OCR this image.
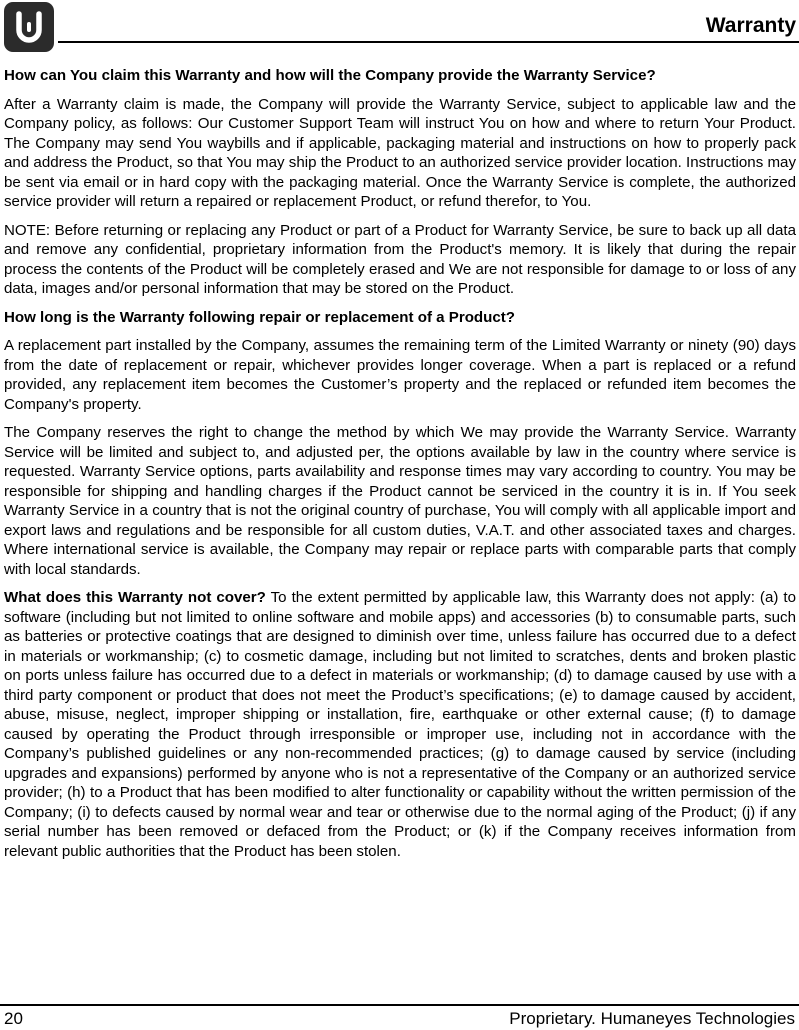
Warranty
How can You claim this Warranty and how will the Company provide the Warranty Service?

After a Warranty claim is made, the Company will provide the Warranty Service, subject to applicable law and the Company policy, as follows: Our Customer Support Team will instruct You on how and where to return Your Product. The Company may send You waybills and if applicable, packaging material and instructions on how to properly pack and address the Product, so that You may ship the Product to an authorized service provider location. Instructions may be sent via email or in hard copy with the packaging material. Once the Warranty Service is complete, the authorized service provider will return a repaired or replacement Product, or refund therefor, to You.

NOTE: Before returning or replacing any Product or part of a Product for Warranty Service, be sure to back up all data and remove any confidential, proprietary information from the Product's memory. It is likely that during the repair process the contents of the Product will be completely erased and We are not responsible for damage to or loss of any data, images and/or personal information that may be stored on the Product.

How long is the Warranty following repair or replacement of a Product?

A replacement part installed by the Company, assumes the remaining term of the Limited Warranty or ninety (90) days from the date of replacement or repair, whichever provides longer coverage. When a part is replaced or a refund provided, any replacement item becomes the Customer’s property and the replaced or refunded item becomes the Company's property.

The Company reserves the right to change the method by which We may provide the Warranty Service. Warranty Service will be limited and subject to, and adjusted per, the options available by law in the country where service is requested. Warranty Service options, parts availability and response times may vary according to country. You may be responsible for shipping and handling charges if the Product cannot be serviced in the country it is in. If You seek Warranty Service in a country that is not the original country of purchase, You will comply with all applicable import and export laws and regulations and be responsible for all custom duties, V.A.T. and other associated taxes and charges. Where international service is available, the Company may repair or replace parts with comparable parts that comply with local standards.

What does this Warranty not cover? To the extent permitted by applicable law, this Warranty does not apply: (a) to software (including but not limited to online software and mobile apps) and accessories (b) to consumable parts, such as batteries or protective coatings that are designed to diminish over time, unless failure has occurred due to a defect in materials or workmanship; (c) to cosmetic damage, including but not limited to scratches, dents and broken plastic on ports unless failure has occurred due to a defect in materials or workmanship; (d) to damage caused by use with a third party component or product that does not meet the Product’s specifications; (e) to damage caused by accident, abuse, misuse, neglect, improper shipping or installation, fire, earthquake or other external cause; (f) to damage caused by operating the Product through irresponsible or improper use, including not in accordance with the Company’s published guidelines or any non-recommended practices; (g) to damage caused by service (including upgrades and expansions) performed by anyone who is not a representative of the Company or an authorized service provider; (h) to a Product that has been modified to alter functionality or capability without the written permission of the Company; (i) to defects caused by normal wear and tear or otherwise due to the normal aging of the Product; (j) if any serial number has been removed or defaced from the Product; or (k) if the Company receives information from relevant public authorities that the Product has been stolen.

20	Proprietary. Humaneyes Technologies
